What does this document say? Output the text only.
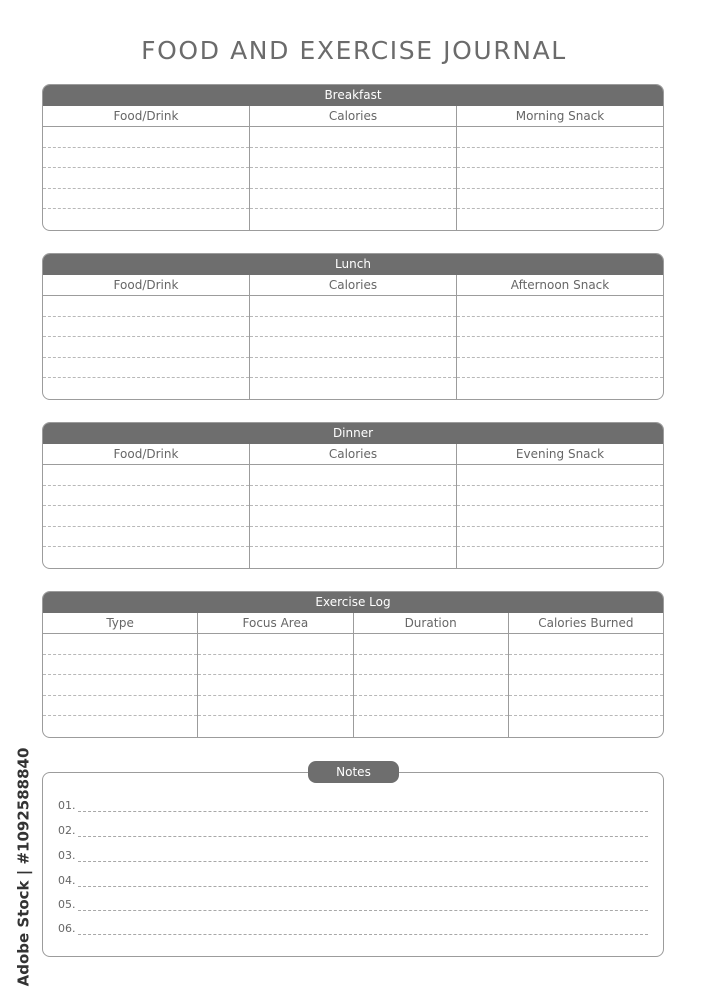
FOOD AND EXERCISE JOURNAL
Breakfast
Food/Drink	Calories	Morning Snack
Lunch
Food/Drink	Calories	Afternoon Snack
Dinner
Food/Drink	Calories	Evening Snack
Exercise Log
Type	Focus Area	Duration	Calories Burned
Notes
01.
02.
03.
04.
05.
06.
Adobe Stock | #1092588840
